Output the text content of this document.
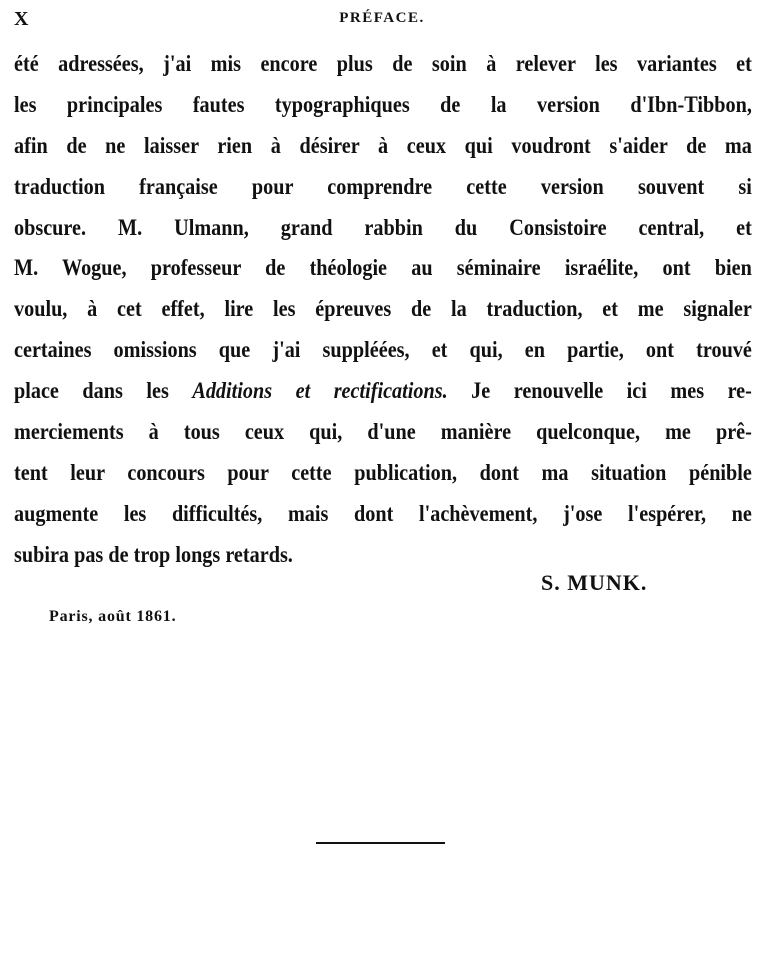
X	PRÉFACE.
été adressées, j'ai mis encore plus de soin à relever les variantes et
les principales fautes typographiques de la version d'Ibn-Tibbon,
afin de ne laisser rien à désirer à ceux qui voudront s'aider de ma
traduction française pour comprendre cette version souvent si
obscure. M. Ulmann, grand rabbin du Consistoire central, et
M. Wogue, professeur de théologie au séminaire israélite, ont bien
voulu, à cet effet, lire les épreuves de la traduction, et me signaler
certaines omissions que j'ai suppléées, et qui, en partie, ont trouvé
place dans les Additions et rectifications. Je renouvelle ici mes re-
merciements à tous ceux qui, d'une manière quelconque, me prê-
tent leur concours pour cette publication, dont ma situation pénible
augmente les difficultés, mais dont l'achèvement, j'ose l'espérer, ne
subira pas de trop longs retards.
S. MUNK.
Paris, août 1861.
